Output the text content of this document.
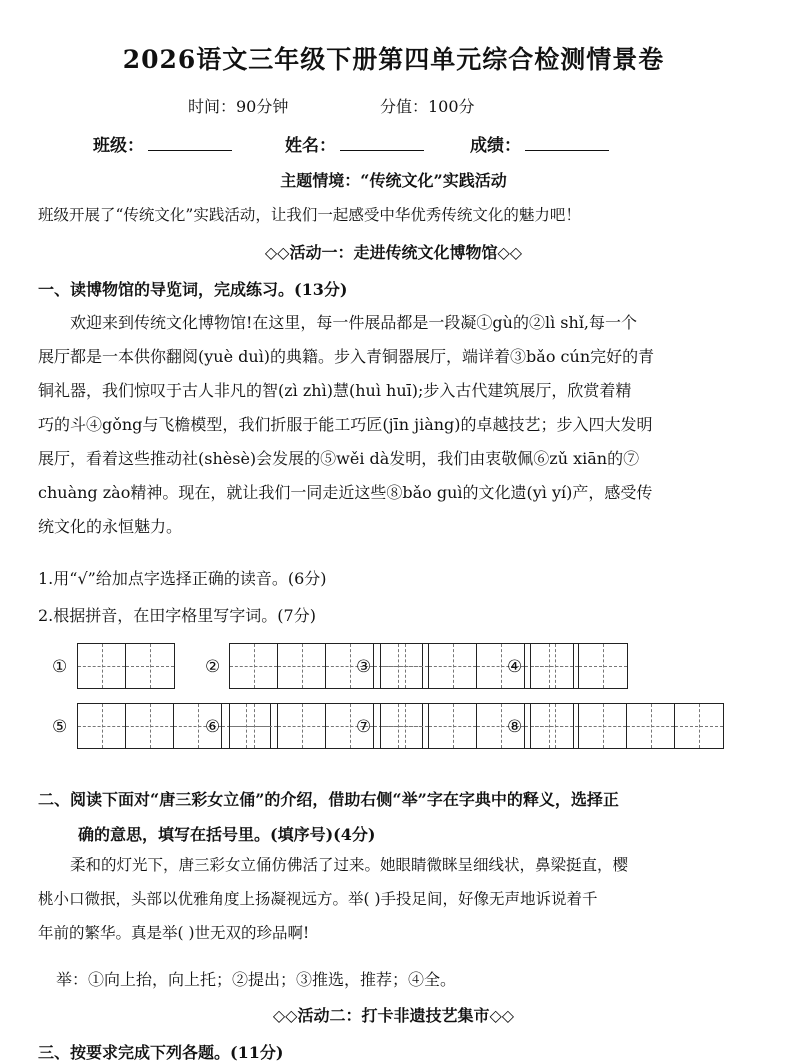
2026语文三年级下册第四单元综合检测情景卷
时间：90分钟	分值：100分
班级：	姓名：	成绩：
主题情境：“传统文化”实践活动
班级开展了“传统文化”实践活动，让我们一起感受中华优秀传统文化的魅力吧！
◇◇活动一：走进传统文化博物馆◇◇
一、读博物馆的导览词，完成练习。(13分)
欢迎来到传统文化博物馆!在这里，每一件展品都是一段凝①gù的②lì shǐ,每一个
展厅都是一本供你翻阅(yuè duì)的典籍。步入青铜器展厅，端详着③bǎo cún完好的青
铜礼器，我们惊叹于古人非凡的智(zì zhì)慧(huì huī);步入古代建筑展厅，欣赏着精
巧的斗④gǒng与飞檐模型，我们折服于能工巧匠(jīn jiàng)的卓越技艺；步入四大发明
展厅，看着这些推动社(shèsè)会发展的⑤wěi dà发明，我们由衷敬佩⑥zǔ xiān的⑦
chuàng zào精神。现在，就让我们一同走近这些⑧bǎo guì的文化遗(yì yí)产，感受传
统文化的永恒魅力。
1.用“√”给加点字选择正确的读音。(6分)
2.根据拼音，在田字格里写字词。(7分)
①	②	③	④
⑤	⑥	⑦	⑧
二、阅读下面对“唐三彩女立俑”的介绍，借助右侧“举”字在字典中的释义，选择正
确的意思，填写在括号里。(填序号)(4分)
柔和的灯光下，唐三彩女立俑仿佛活了过来。她眼睛微眯呈细线状，鼻梁挺直，樱
桃小口微抿，头部以优雅角度上扬凝视远方。举( )手投足间，好像无声地诉说着千
年前的繁华。真是举( )世无双的珍品啊!
举：①向上抬，向上托；②提出；③推选，推荐；④全。
◇◇活动二：打卡非遗技艺集市◇◇
三、按要求完成下列各题。(11分)
